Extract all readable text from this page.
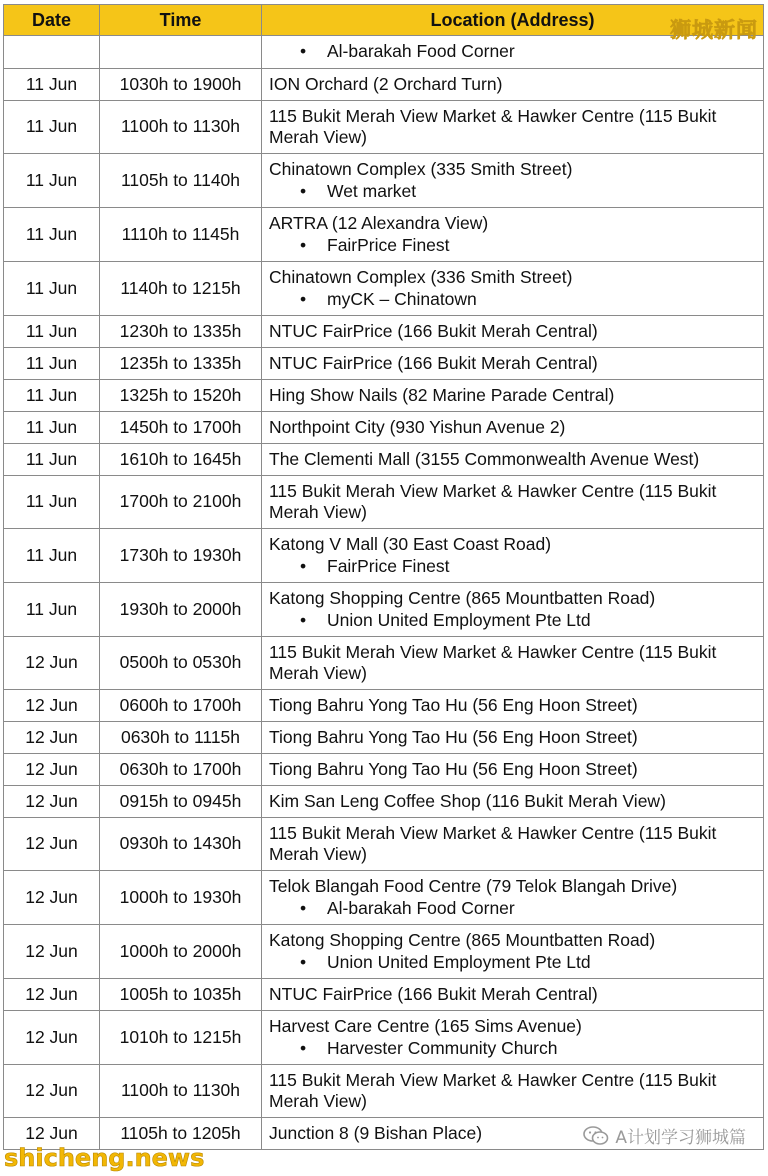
Date	Time	Location (Address)

		• Al-barakah Food Corner

11 Jun	1030h to 1900h	ION Orchard (2 Orchard Turn)

11 Jun	1100h to 1130h	115 Bukit Merah View Market & Hawker Centre (115 Bukit Merah View)

11 Jun	1105h to 1140h	Chinatown Complex (335 Smith Street)
• Wet market

11 Jun	1110h to 1145h	ARTRA (12 Alexandra View)
• FairPrice Finest

11 Jun	1140h to 1215h	Chinatown Complex (336 Smith Street)
• myCK – Chinatown

11 Jun	1230h to 1335h	NTUC FairPrice (166 Bukit Merah Central)

11 Jun	1235h to 1335h	NTUC FairPrice (166 Bukit Merah Central)

11 Jun	1325h to 1520h	Hing Show Nails (82 Marine Parade Central)

11 Jun	1450h to 1700h	Northpoint City (930 Yishun Avenue 2)

11 Jun	1610h to 1645h	The Clementi Mall (3155 Commonwealth Avenue West)

11 Jun	1700h to 2100h	115 Bukit Merah View Market & Hawker Centre (115 Bukit Merah View)

11 Jun	1730h to 1930h	Katong V Mall (30 East Coast Road)
• FairPrice Finest

11 Jun	1930h to 2000h	Katong Shopping Centre (865 Mountbatten Road)
• Union United Employment Pte Ltd

12 Jun	0500h to 0530h	115 Bukit Merah View Market & Hawker Centre (115 Bukit Merah View)

12 Jun	0600h to 1700h	Tiong Bahru Yong Tao Hu (56 Eng Hoon Street)

12 Jun	0630h to 1115h	Tiong Bahru Yong Tao Hu (56 Eng Hoon Street)

12 Jun	0630h to 1700h	Tiong Bahru Yong Tao Hu (56 Eng Hoon Street)

12 Jun	0915h to 0945h	Kim San Leng Coffee Shop (116 Bukit Merah View)

12 Jun	0930h to 1430h	115 Bukit Merah View Market & Hawker Centre (115 Bukit Merah View)

12 Jun	1000h to 1930h	Telok Blangah Food Centre (79 Telok Blangah Drive)
• Al-barakah Food Corner

12 Jun	1000h to 2000h	Katong Shopping Centre (865 Mountbatten Road)
• Union United Employment Pte Ltd

12 Jun	1005h to 1035h	NTUC FairPrice (166 Bukit Merah Central)

12 Jun	1010h to 1215h	Harvest Care Centre (165 Sims Avenue)
• Harvester Community Church

12 Jun	1100h to 1130h	115 Bukit Merah View Market & Hawker Centre (115 Bukit Merah View)

12 Jun	1105h to 1205h	Junction 8 (9 Bishan Place)
狮城新闻
shicheng.news
A计划学习狮城篇
